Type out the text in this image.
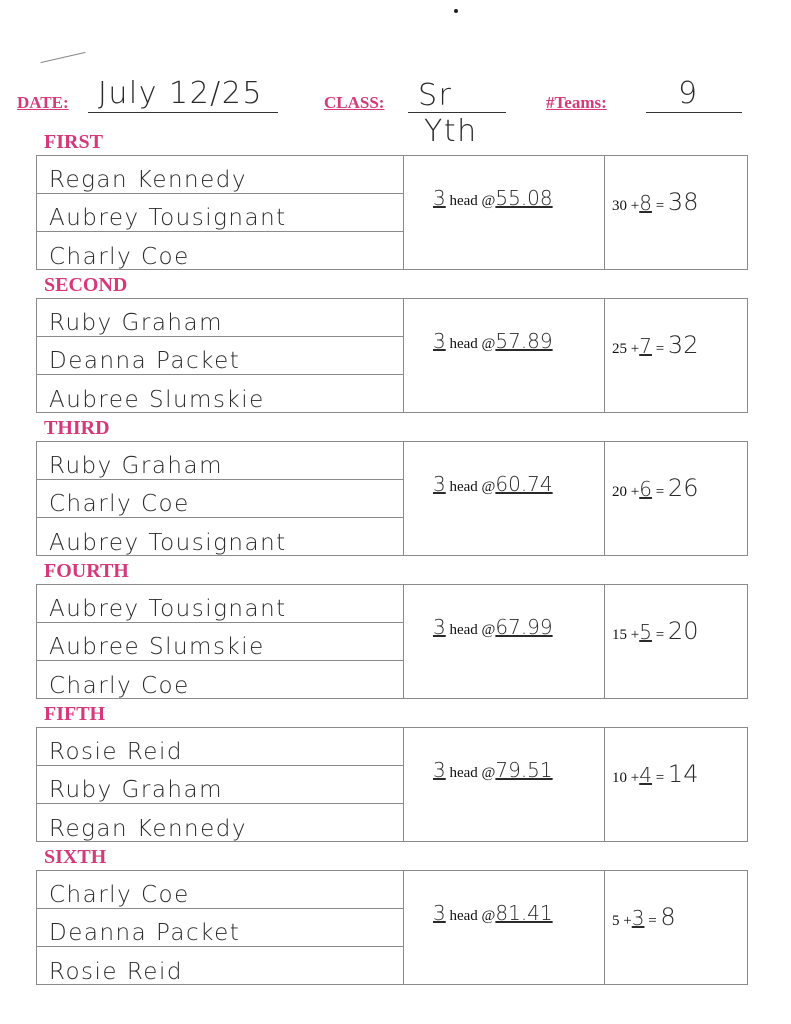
DATE: July 12/25	CLASS: Sr
Yth
#Teams: 9
FIRST
Regan Kennedy
Aubrey Tousignant
Charly Coe
3 head @55.08	30 +8 = 38
SECOND
Ruby Graham
Deanna Packet
Aubree Slumskie
3 head @57.89	25 +7 = 32
THIRD
Ruby Graham
Charly Coe
Aubrey Tousignant
3 head @60.74	20 +6 = 26
FOURTH
Aubrey Tousignant
Aubree Slumskie
Charly Coe
3 head @67.99	15 +5 = 20
FIFTH
Rosie Reid
Ruby Graham
Regan Kennedy
3 head @79.51	10 +4 = 14
SIXTH
Charly Coe
Deanna Packet
Rosie Reid
3 head @81.41	5 +3 = 8
